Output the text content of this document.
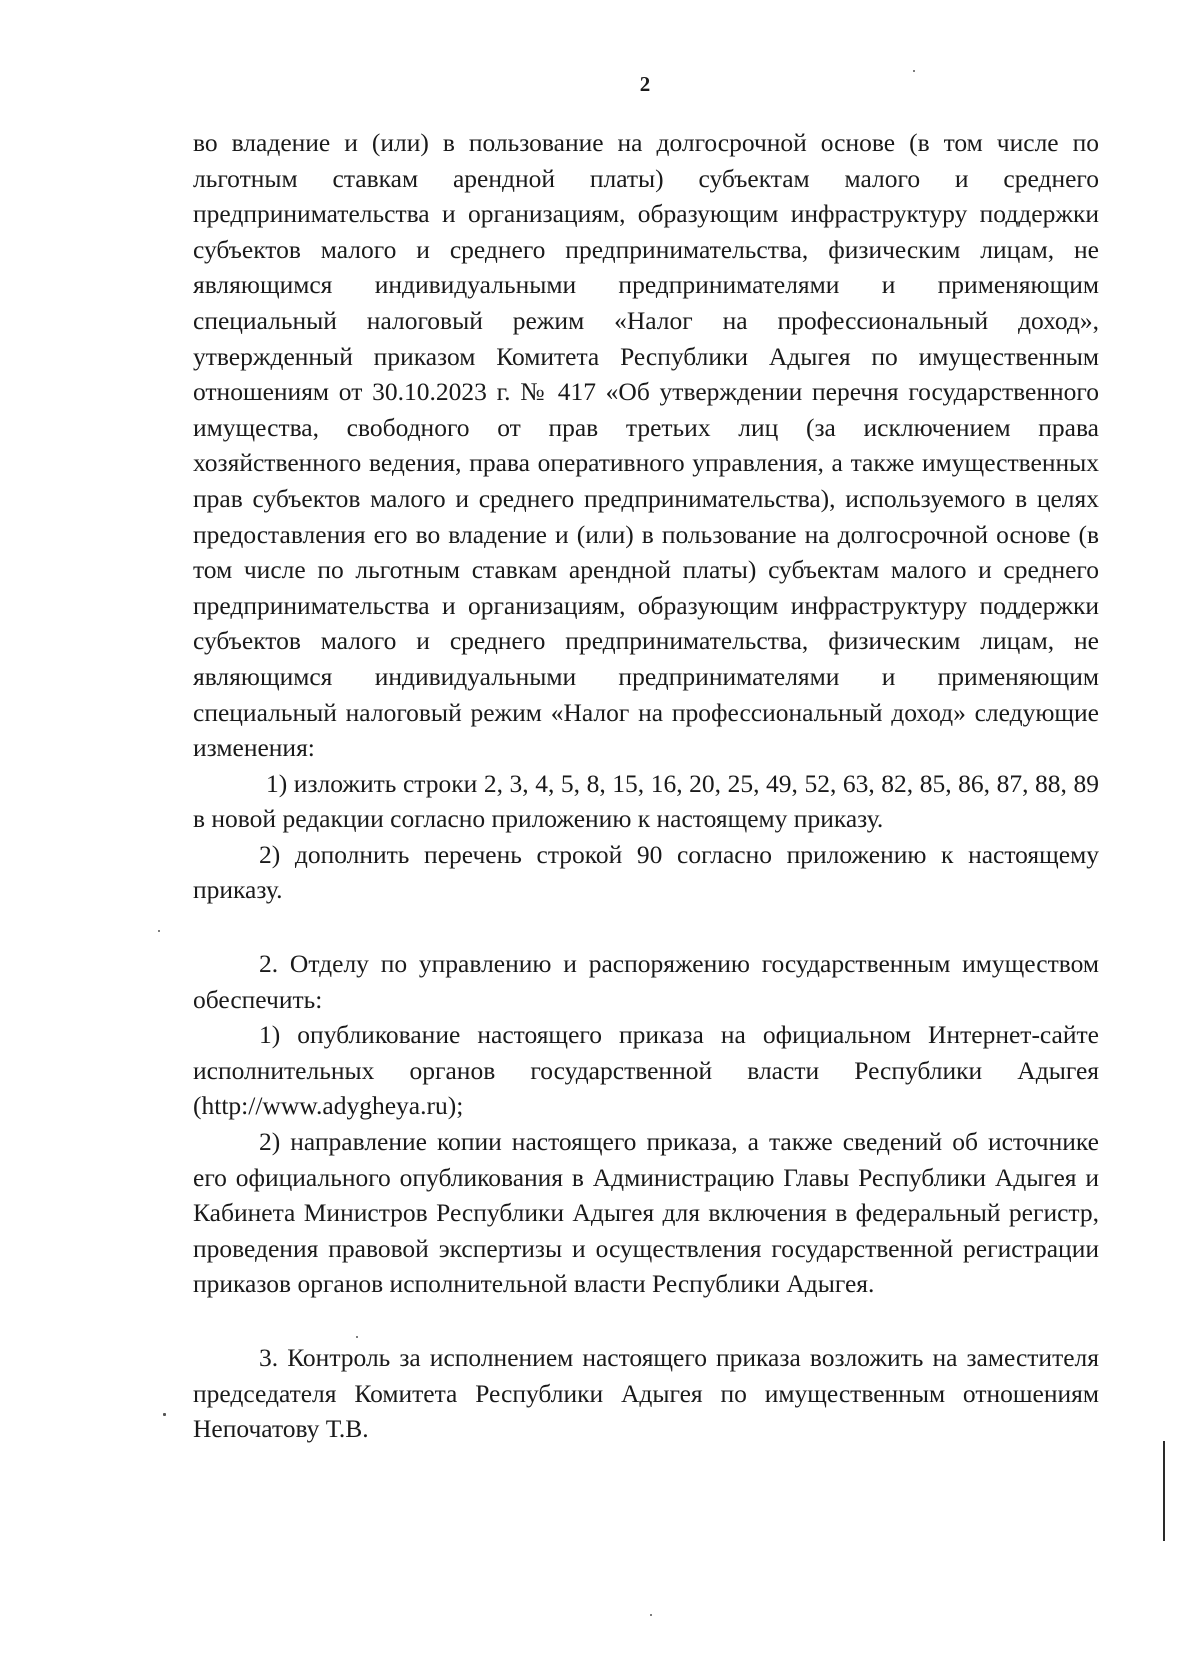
2

во владение и (или) в пользование на долгосрочной основе (в том числе по льготным ставкам арендной платы) субъектам малого и среднего предпринимательства и организациям, образующим инфраструктуру поддержки субъектов малого и среднего предпринимательства, физическим лицам, не являющимся индивидуальными предпринимателями и применяющим специальный налоговый режим «Налог на профессиональный доход», утвержденный приказом Комитета Республики Адыгея по имущественным отношениям от 30.10.2023 г. № 417 «Об утверждении перечня государственного имущества, свободного от прав третьих лиц (за исключением права хозяйственного ведения, права оперативного управления, а также имущественных прав субъектов малого и среднего предпринимательства), используемого в целях предоставления его во владение и (или) в пользование на долгосрочной основе (в том числе по льготным ставкам арендной платы) субъектам малого и среднего предпринимательства и организациям, образующим инфраструктуру поддержки субъектов малого и среднего предпринимательства, физическим лицам, не являющимся индивидуальными предпринимателями и применяющим специальный налоговый режим «Налог на профессиональный доход» следующие изменения:

1) изложить строки 2, 3, 4, 5, 8, 15, 16, 20, 25, 49, 52, 63, 82, 85, 86, 87, 88, 89 в новой редакции согласно приложению к настоящему приказу.

2) дополнить перечень строкой 90 согласно приложению к настоящему приказу.

2. Отделу по управлению и распоряжению государственным имуществом обеспечить:

1) опубликование настоящего приказа на официальном Интернет-сайте исполнительных органов государственной власти Республики Адыгея (http://www.adygheya.ru);

2) направление копии настоящего приказа, а также сведений об источнике его официального опубликования в Администрацию Главы Республики Адыгея и Кабинета Министров Республики Адыгея для включения в федеральный регистр, проведения правовой экспертизы и осуществления государственной регистрации приказов органов исполнительной власти Республики Адыгея.

3. Контроль за исполнением настоящего приказа возложить на заместителя председателя Комитета Республики Адыгея по имущественным отношениям Непочатову Т.В.
